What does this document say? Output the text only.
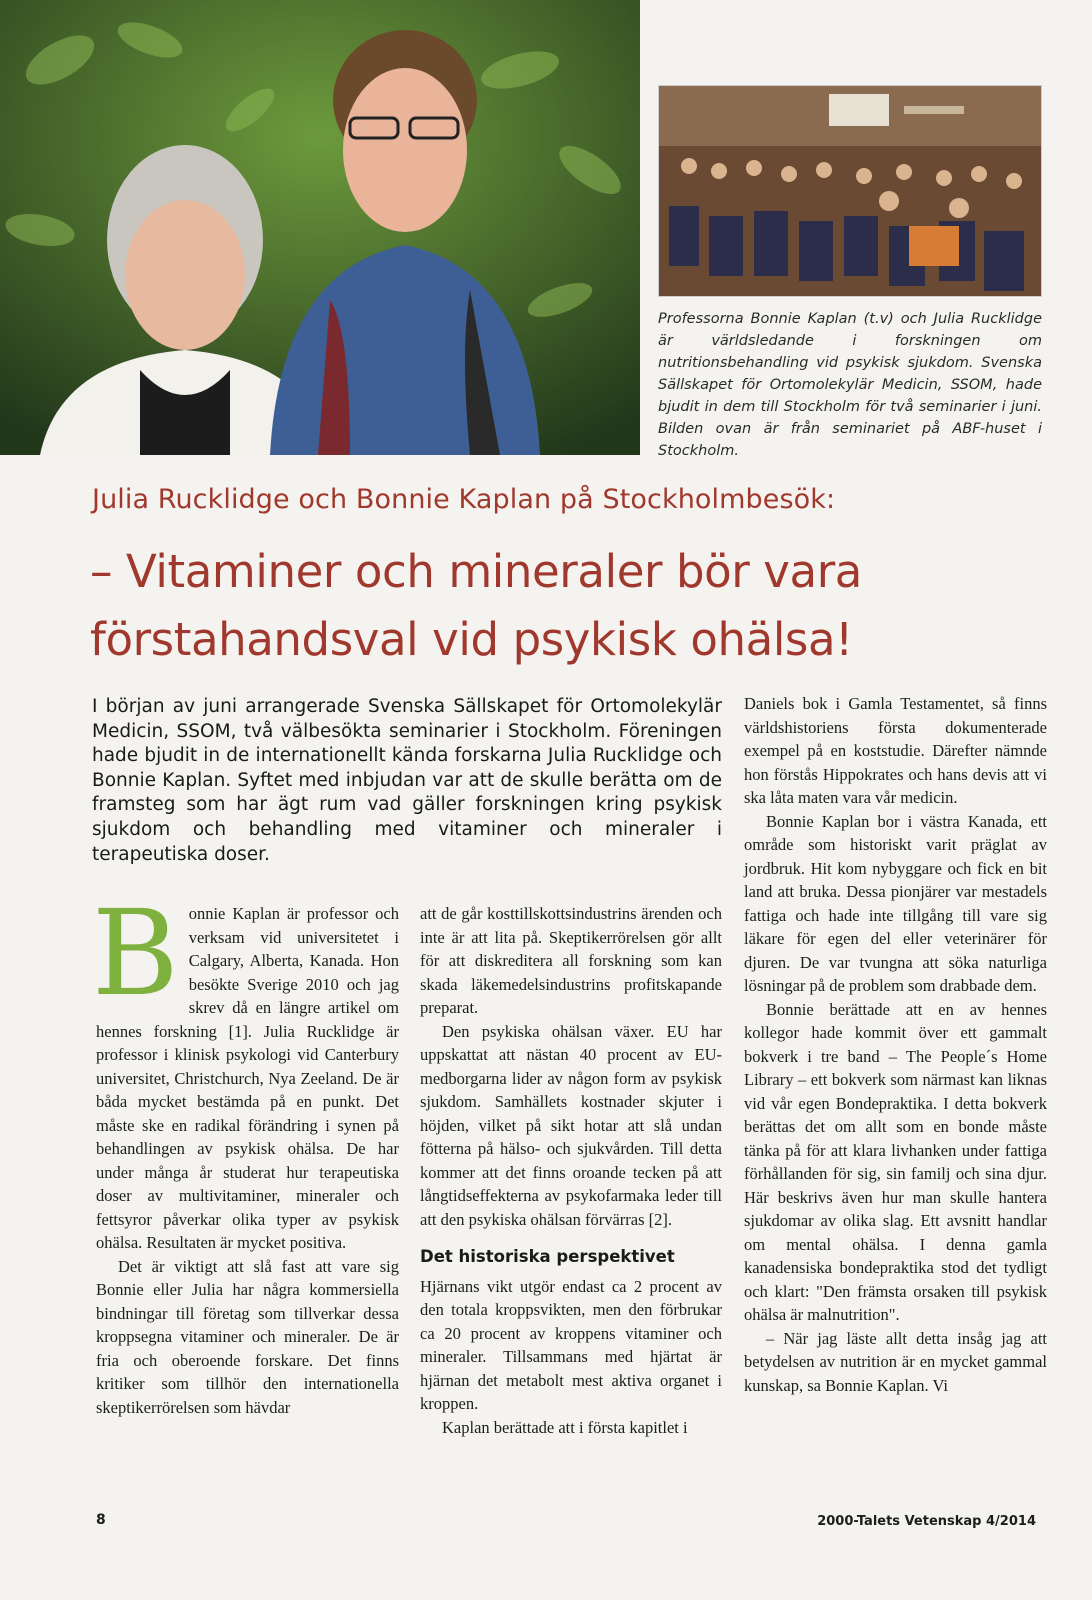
Professorna Bonnie Kaplan (t.v) och Julia Rucklidge är världsledande i forskningen om nutritionsbehandling vid psykisk sjukdom. Svenska Sällskapet för Ortomolekylär Medicin, SSOM, hade bjudit in dem till Stockholm för två seminarier i juni. Bilden ovan är från seminariet på ABF-huset i Stockholm.
Julia Rucklidge och Bonnie Kaplan på Stockholmbesök:
– Vitaminer och mineraler bör vara
förstahandsval vid psykisk ohälsa!
I början av juni arrangerade Svenska Sällskapet för Ortomolekylär Medicin, SSOM, två välbesökta seminarier i Stockholm. Föreningen hade bjudit in de internationellt kända forskarna Julia Rucklidge och Bonnie Kaplan. Syftet med inbjudan var att de skulle berätta om de framsteg som har ägt rum vad gäller forskningen kring psykisk sjukdom och behandling med vitaminer och mineraler i terapeutiska doser.

Bonnie Kaplan är professor och verksam vid universitetet i Calgary, Alberta, Kanada. Hon besökte Sverige 2010 och jag skrev då en längre artikel om hennes forskning [1]. Julia Rucklidge är professor i klinisk psykologi vid Canterbury universitet, Christchurch, Nya Zeeland. De är båda mycket bestämda på en punkt. Det måste ske en radikal förändring i synen på behandlingen av psykisk ohälsa. De har under många år studerat hur terapeutiska doser av multivitaminer, mineraler och fettsyror påverkar olika typer av psykisk ohälsa. Resultaten är mycket positiva.

Det är viktigt att slå fast att vare sig Bonnie eller Julia har några kommersiella bindningar till företag som tillverkar dessa kroppsegna vitaminer och mineraler. De är fria och oberoende forskare. Det finns kritiker som tillhör den internationella skeptikerrörelsen som hävdar

att de går kosttillskottsindustrins ärenden och inte är att lita på. Skeptikerrörelsen gör allt för att diskreditera all forskning som kan skada läkemedelsindustrins profitskapande preparat.

Den psykiska ohälsan växer. EU har uppskattat att nästan 40 procent av EU-medborgarna lider av någon form av psykisk sjukdom. Samhällets kostnader skjuter i höjden, vilket på sikt hotar att slå undan fötterna på hälso- och sjukvården. Till detta kommer att det finns oroande tecken på att långtidseffekterna av psykofarmaka leder till att den psykiska ohälsan förvärras [2].

Det historiska perspektivet

Hjärnans vikt utgör endast ca 2 procent av den totala kroppsvikten, men den förbrukar ca 20 procent av kroppens vitaminer och mineraler. Tillsammans med hjärtat är hjärnan det metabolt mest aktiva organet i kroppen.

Kaplan berättade att i första kapitlet i

Daniels bok i Gamla Testamentet, så finns världshistoriens första dokumenterade exempel på en koststudie. Därefter nämnde hon förstås Hippokrates och hans devis att vi ska låta maten vara vår medicin.

Bonnie Kaplan bor i västra Kanada, ett område som historiskt varit präglat av jordbruk. Hit kom nybyggare och fick en bit land att bruka. Dessa pionjärer var mestadels fattiga och hade inte tillgång till vare sig läkare för egen del eller veterinärer för djuren. De var tvungna att söka naturliga lösningar på de problem som drabbade dem.

Bonnie berättade att en av hennes kollegor hade kommit över ett gammalt bokverk i tre band – The People´s Home Library – ett bokverk som närmast kan liknas vid vår egen Bondepraktika. I detta bokverk berättas det om allt som en bonde måste tänka på för att klara livhanken under fattiga förhållanden för sig, sin familj och sina djur. Här beskrivs även hur man skulle hantera sjukdomar av olika slag. Ett avsnitt handlar om mental ohälsa. I denna gamla kanadensiska bondepraktika stod det tydligt och klart: "Den främsta orsaken till psykisk ohälsa är malnutrition".

– När jag läste allt detta insåg jag att betydelsen av nutrition är en mycket gammal kunskap, sa Bonnie Kaplan. Vi

8	2000-Talets Vetenskap 4/2014
